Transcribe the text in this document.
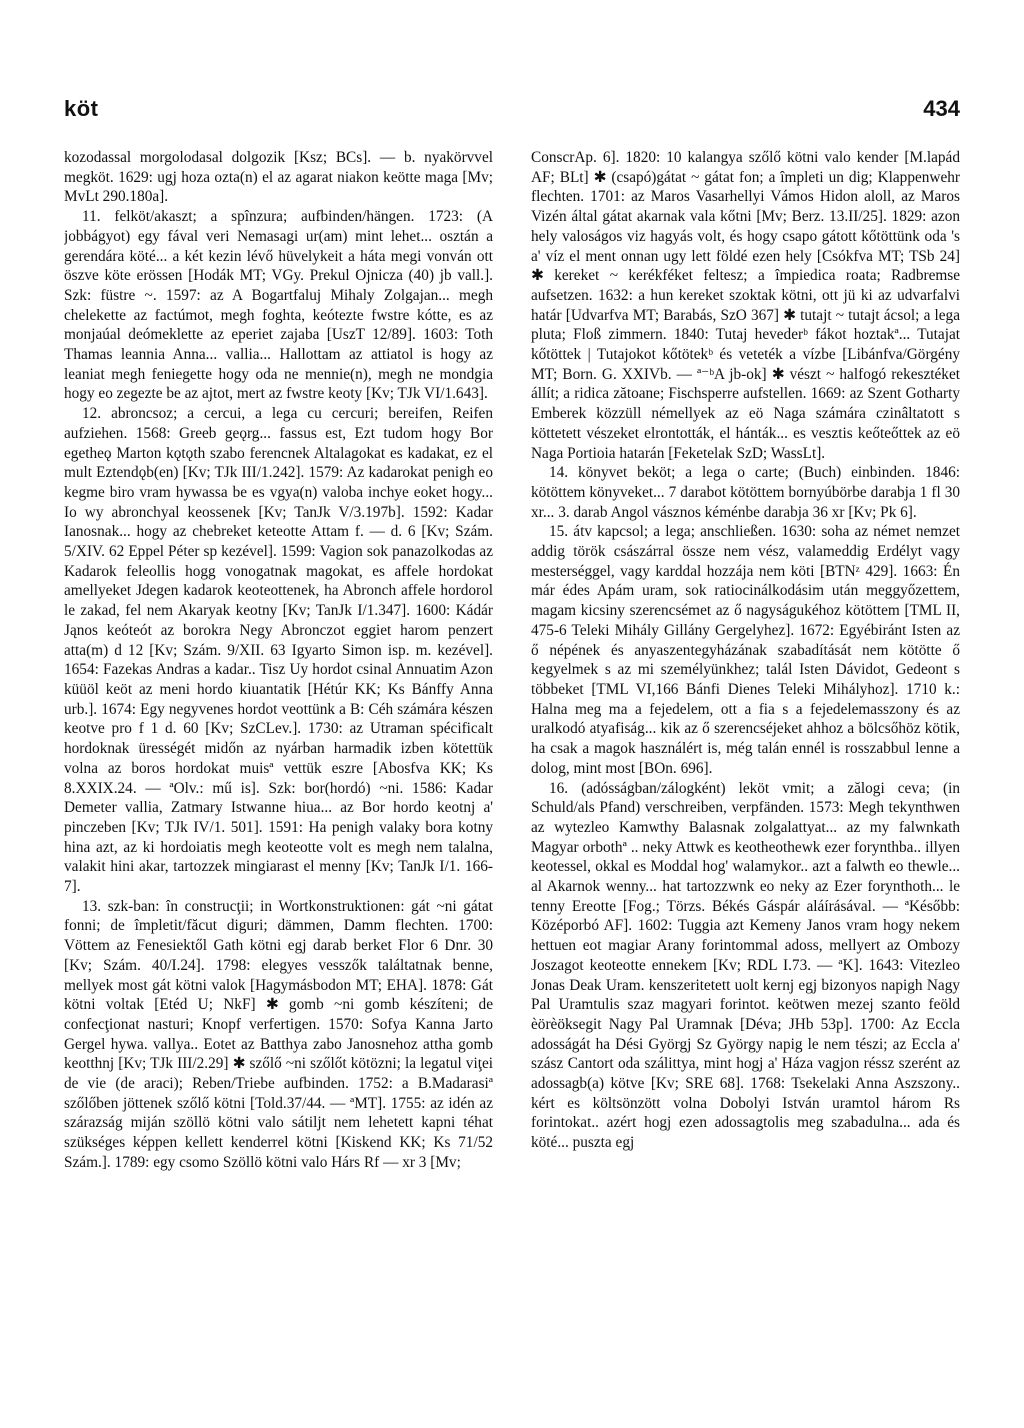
köt	434

kozodassal morgolodasal dolgozik [Ksz; BCs]. — b. nyakörvvel megköt. 1629: ugj hoza ozta(n) el az agarat niakon keötte maga [Mv; MvLt 290.180a].

11. felköt/akaszt; a spînzura; aufbinden/hängen. 1723: (A jobbágyot) egy fával veri Nemasagi ur(am) mint lehet... osztán a gerendára köté... a két kezin lévő hüvelykeit a háta megi vonván ott öszve köte erössen [Hodák MT; VGy. Prekul Ojnicza (40) jb vall.]. Szk: füstre ~. 1597: az A Bogartfaluj Mihaly Zolgajan... megh chelekette az factúmot, megh foghta, keótezte fwstre kótte, es az monjaúal deómeklette az eperiet zajaba [UszT 12/89]. 1603: Toth Thamas leannia Anna... vallia... Hallottam az attiatol is hogy az leaniat megh feniegette hogy oda ne mennie(n), megh ne mondgia hogy eo zegezte be az ajtot, mert az fwstre keoty [Kv; TJk VI/1.643].

12. abroncsoz; a cercui, a lega cu cercuri; bereifen, Reifen aufziehen. 1568: Greeb geǫrg... fassus est, Ezt tudom hogy Bor egetheǫ Marton kǫtǫth szabo ferencnek Altalagokat es kadakat, ez el mult Eztendǫb(en) [Kv; TJk III/1.242]. 1579: Az kadarokat penigh eo kegme biro vram hywassa be es vgya(n) valoba inchye eoket hogy... Io wy abronchyal keossenek [Kv; TanJk V/3.197b]. 1592: Kadar Ianosnak... hogy az chebreket keteotte Attam f. — d. 6 [Kv; Szám. 5/XIV. 62 Eppel Péter sp kezével]. 1599: Vagion sok panazolkodas az Kadarok feleollis hogg vonogatnak magokat, es affele hordokat amellyeket Jdegen kadarok keoteottenek, ha Abronch affele hordorol le zakad, fel nem Akaryak keotny [Kv; TanJk I/1.347]. 1600: Kádár Jąnos keóteót az borokra Negy Abronczot eggiet harom penzert atta(m) d 12 [Kv; Szám. 9/XII. 63 Igyarto Simon isp. m. kezével]. 1654: Fazekas Andras a kadar.. Tisz Uy hordot csinal Annuatim Azon küüöl keöt az meni hordo kiuantatik [Hétúr KK; Ks Bánffy Anna urb.]. 1674: Egy negyvenes hordot veottünk a B: Céh számára készen keotve pro f 1 d. 60 [Kv; SzCLev.]. 1730: az Utraman spécificalt hordoknak ürességét midőn az nyárban harmadik izben kötettük volna az boros hordokat muisª vettük eszre [Abosfva KK; Ks 8.XXIX.24. — ªOlv.: mű is]. Szk: bor(hordó) ~ni. 1586: Kadar Demeter vallia, Zatmary Istwanne hiua... az Bor hordo keotnj a' pinczeben [Kv; TJk IV/1. 501]. 1591: Ha penigh valaky bora kotny hina azt, az ki hordoiatis megh keoteotte volt es megh nem talalna, valakit hini akar, tartozzek mingiarast el menny [Kv; TanJk I/1. 166-7].

13. szk-ban: în construcţii; in Wortkonstruktionen: gát ~ni gátat fonni; de împletit/făcut diguri; dämmen, Damm flechten. 1700: Vöttem az Fenesiektől Gath kötni egj darab berket Flor 6 Dnr. 30 [Kv; Szám. 40/I.24]. 1798: elegyes vesszők találtatnak benne, mellyek most gát kötni valok [Hagymásbodon MT; EHA]. 1878: Gát kötni voltak [Etéd U; NkF] ✱ gomb ~ni gomb készíteni; de confecţionat nasturi; Knopf verfertigen. 1570: Sofya Kanna Jarto Gergel hywa. vallya.. Eotet az Batthya zabo Janosnehoz attha gomb keotthnj [Kv; TJk III/2.29] ✱ szőlő ~ni szőlőt kötözni; la legatul viţei de vie (de araci); Reben/Triebe aufbinden. 1752: a B.Madarasiª szőlőben jöttenek szőlő kötni [Told.37/44. — ªMT]. 1755: az idén az szárazság miján szöllö kötni valo sátiljt nem lehetett kapni téhat szükséges képpen kellett kenderrel kötni [Kiskend KK; Ks 71/52 Szám.]. 1789: egy csomo Szöllö kötni valo Hárs Rf — xr 3 [Mv;

ConscrAp. 6]. 1820: 10 kalangya szőlő kötni valo kender [M.lapád AF; BLt] ✱ (csapó)gátat ~ gátat fon; a împleti un dig; Klappenwehr flechten. 1701: az Maros Vasarhellyi Vámos Hidon aloll, az Maros Vizén által gátat akarnak vala kőtni [Mv; Berz. 13.II/25]. 1829: azon hely valoságos viz hagyás volt, és hogy csapo gátott kőtöttünk oda 's a' víz el ment onnan ugy lett földé ezen hely [Csókfva MT; TSb 24] ✱ kereket ~ kerékféket feltesz; a împiedica roata; Radbremse aufsetzen. 1632: a hun kereket szoktak kötni, ott jü ki az udvarfalvi határ [Udvarfva MT; Barabás, SzO 367] ✱ tutajt ~ tutajt ácsol; a lega pluta; Floß zimmern. 1840: Tutaj hevederᵇ fákot hoztakª... Tutajat kőtöttek | Tutajokot kőtötekᵇ és veteték a vízbe [Libánfva/Görgény MT; Born. G. XXIVb. — ª⁻ᵇA jb-ok] ✱ vészt ~ halfogó rekesztéket állít; a ridica zătoane; Fischsperre aufstellen. 1669: az Szent Gotharty Emberek közzüll némellyek az eö Naga számára czinâltatott s köttetett vészeket elrontották, el hánták... es vesztis keőteőttek az eö Naga Portioia hatarán [Feketelak SzD; WassLt].

14. könyvet beköt; a lega o carte; (Buch) einbinden. 1846: kötöttem könyveket... 7 darabot kötöttem bornyúbörbe darabja 1 fl 30 xr... 3. darab Angol vásznos kéménbe darabja 36 xr [Kv; Pk 6].

15. átv kapcsol; a lega; anschließen. 1630: soha az német nemzet addig török császárral össze nem vész, valameddig Erdélyt vagy mesterséggel, vagy karddal hozzája nem köti [BTNᶻ 429]. 1663: Én már édes Apám uram, sok ratiocinálkodásim után meggyőzettem, magam kicsiny szerencsémet az ő nagyságukéhoz kötöttem [TML II, 475-6 Teleki Mihály Gillány Gergelyhez]. 1672: Egyébiránt Isten az ő népének és anyaszentegyházának szabadítását nem kötötte ő kegyelmek s az mi személyünkhez; talál Isten Dávidot, Gedeont s többeket [TML VI,166 Bánfi Dienes Teleki Mihályhoz]. 1710 k.: Halna meg ma a fejedelem, ott a fia s a fejedelemasszony és az uralkodó atyafiság... kik az ő szerencséjeket ahhoz a bölcsőhöz kötik, ha csak a magok használért is, még talán ennél is rosszabbul lenne a dolog, mint most [BOn. 696].

16. (adósságban/zálogként) leköt vmit; a zălogi ceva; (in Schuld/als Pfand) verschreiben, verpfänden. 1573: Megh tekynthwen az wytezleo Kamwthy Balasnak zolgalattyat... az my falwnkath Magyar orbothª .. neky Attwk es keotheothewk ezer forynthba.. illyen keotessel, okkal es Moddal hog' walamykor.. azt a falwth eo thewle... al Akarnok wenny... hat tartozzwnk eo neky az Ezer forynthoth... le tenny Ereotte [Fog.; Törzs. Békés Gáspár aláírásával. — ªKésőbb: Középorbó AF]. 1602: Tuggia azt Kemeny Janos vram hogy nekem hettuen eot magiar Arany forintommal adoss, mellyert az Ombozy Joszagot keoteotte ennekem [Kv; RDL I.73. — ªK]. 1643: Vitezleo Jonas Deak Uram. kenszeritetett uolt kernj egj bizonyos napigh Nagy Pal Uramtulis szaz magyari forintot. keötwen mezej szanto feöld èörèöksegit Nagy Pal Uramnak [Déva; JHb 53p]. 1700: Az Eccla adosságát ha Dési Györgj Sz György napig le nem tészi; az Eccla a' szász Cantort oda szálittya, mint hogj a' Háza vagjon réssz szerént az adossagb(a) kötve [Kv; SRE 68]. 1768: Tsekelaki Anna Aszszony.. kért es költsönzött volna Dobolyi István uramtol három Rs forintokat.. azért hogj ezen adossagtolis meg szabadulna... ada és köté... puszta egj
